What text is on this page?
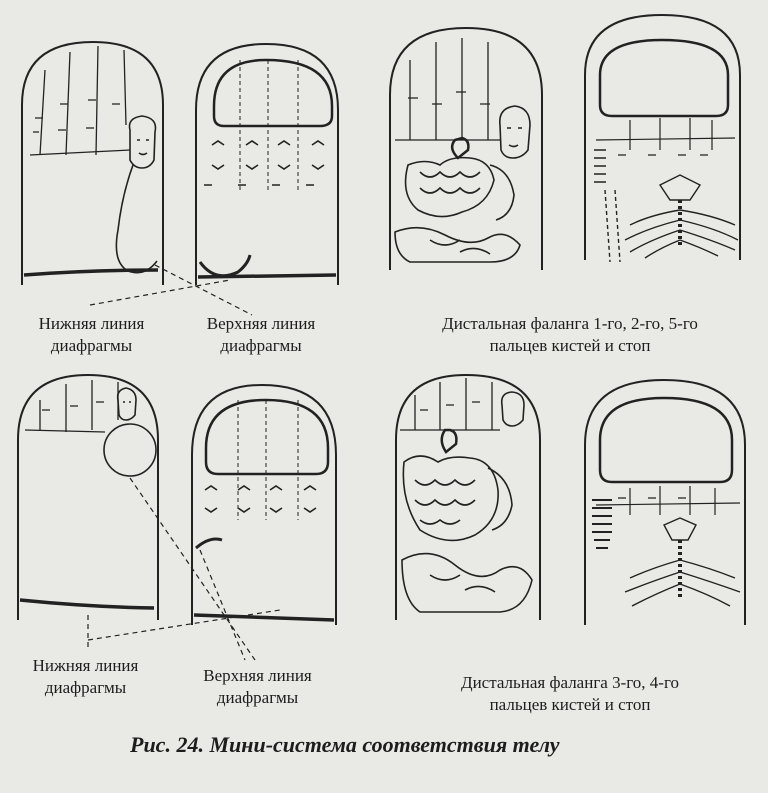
Нижняя линия
диафрагмы
Верхняя линия
диафрагмы
Дистальная фаланга 1-го, 2-го, 5-го
пальцев кистей и стоп
Нижняя линия
диафрагмы
Верхняя линия
диафрагмы
Дистальная фаланга 3-го, 4-го
пальцев кистей и стоп
Рис. 24. Мини-система соответствия телу
